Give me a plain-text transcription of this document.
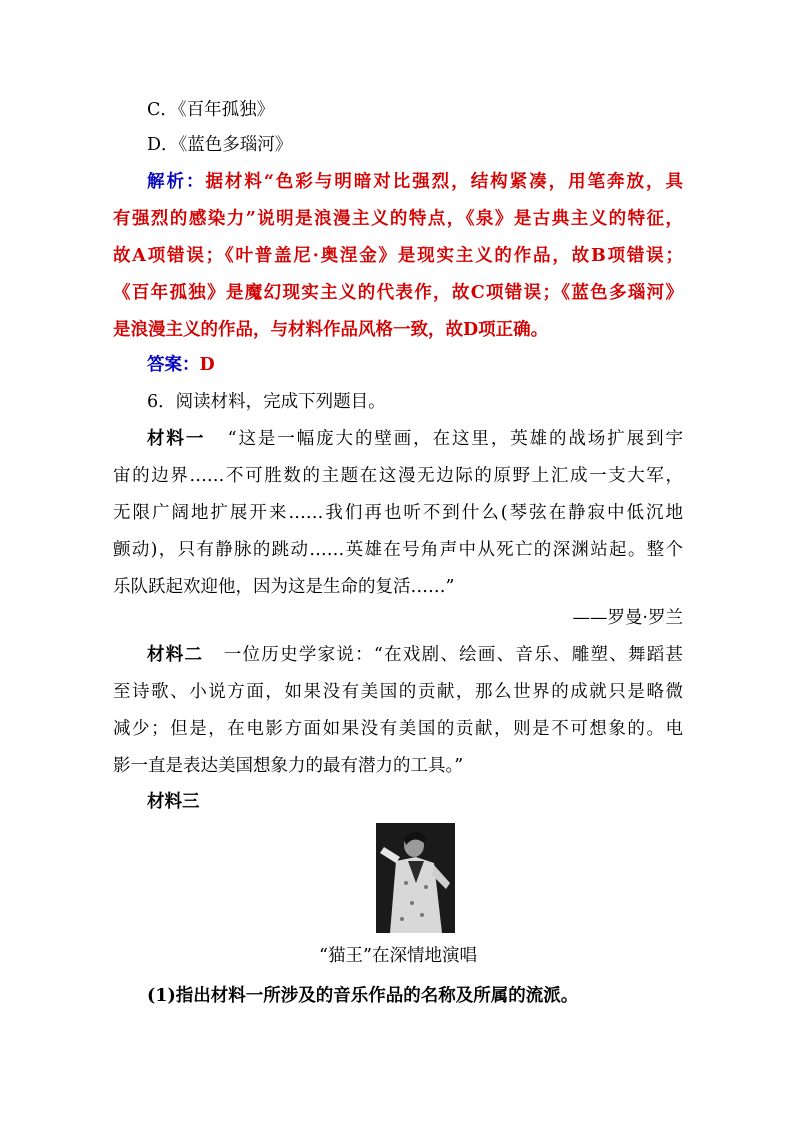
C．《百年孤独》
D．《蓝色多瑙河》
解析：据材料“色彩与明暗对比强烈，结构紧凑，用笔奔放，具
有强烈的感染力”说明是浪漫主义的特点，《泉》是古典主义的特征，
故A项错误；《叶普盖尼·奥涅金》是现实主义的作品，故B项错误；
《百年孤独》是魔幻现实主义的代表作，故C项错误；《蓝色多瑙河》
是浪漫主义的作品，与材料作品风格一致，故D项正确。
答案：D
6．阅读材料，完成下列题目。
材料一 “这是一幅庞大的壁画，在这里，英雄的战场扩展到宇
宙的边界……不可胜数的主题在这漫无边际的原野上汇成一支大军，
无限广阔地扩展开来……我们再也听不到什么(琴弦在静寂中低沉地
颤动)，只有静脉的跳动……英雄在号角声中从死亡的深渊站起。整个
乐队跃起欢迎他，因为这是生命的复活……”
——罗曼·罗兰
材料二 一位历史学家说：“在戏剧、绘画、音乐、雕塑、舞蹈甚
至诗歌、小说方面，如果没有美国的贡献，那么世界的成就只是略微
减少；但是，在电影方面如果没有美国的贡献，则是不可想象的。电
影一直是表达美国想象力的最有潜力的工具。”
材料三
“猫王”在深情地演唱
(1)指出材料一所涉及的音乐作品的名称及所属的流派。
